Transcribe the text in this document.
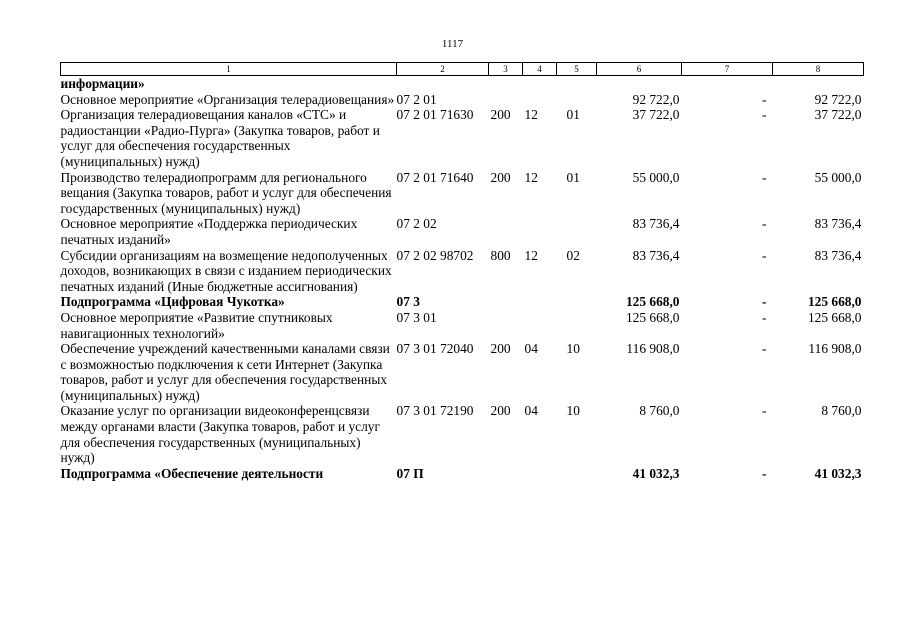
1117
1	2	3	4	5	6	7	8
информации»							
Основное мероприятие «Организация телерадиовещания»	07 2 01				92 722,0	-	92 722,0
Организация телерадиовещания каналов «СТС» и радиостанции «Радио-Пурга» (Закупка товаров, работ и услуг для обеспечения государственных (муниципальных) нужд)	07 2 01 71630	200	12	01	37 722,0	-	37 722,0
Производство телерадиопрограмм для регионального вещания (Закупка товаров, работ и услуг для обеспечения государственных (муниципальных) нужд)	07 2 01 71640	200	12	01	55 000,0	-	55 000,0
Основное мероприятие «Поддержка периодических печатных изданий»	07 2 02				83 736,4	-	83 736,4
Субсидии организациям на возмещение недополученных доходов, возникающих в связи с изданием периодических печатных изданий (Иные бюджетные ассигнования)	07 2 02 98702	800	12	02	83 736,4	-	83 736,4
Подпрограмма «Цифровая Чукотка»	07 3				125 668,0	-	125 668,0
Основное мероприятие «Развитие спутниковых навигационных технологий»	07 3 01				125 668,0	-	125 668,0
Обеспечение учреждений качественными каналами связи с возможностью подключения к сети Интернет (Закупка товаров, работ и услуг для обеспечения государственных (муниципальных) нужд)	07 3 01 72040	200	04	10	116 908,0	-	116 908,0
Оказание услуг по организации видеоконференцсвязи между органами власти (Закупка товаров, работ и услуг для обеспечения государственных (муниципальных) нужд)	07 3 01 72190	200	04	10	8 760,0	-	8 760,0
Подпрограмма «Обеспечение деятельности	07 П				41 032,3	-	41 032,3
